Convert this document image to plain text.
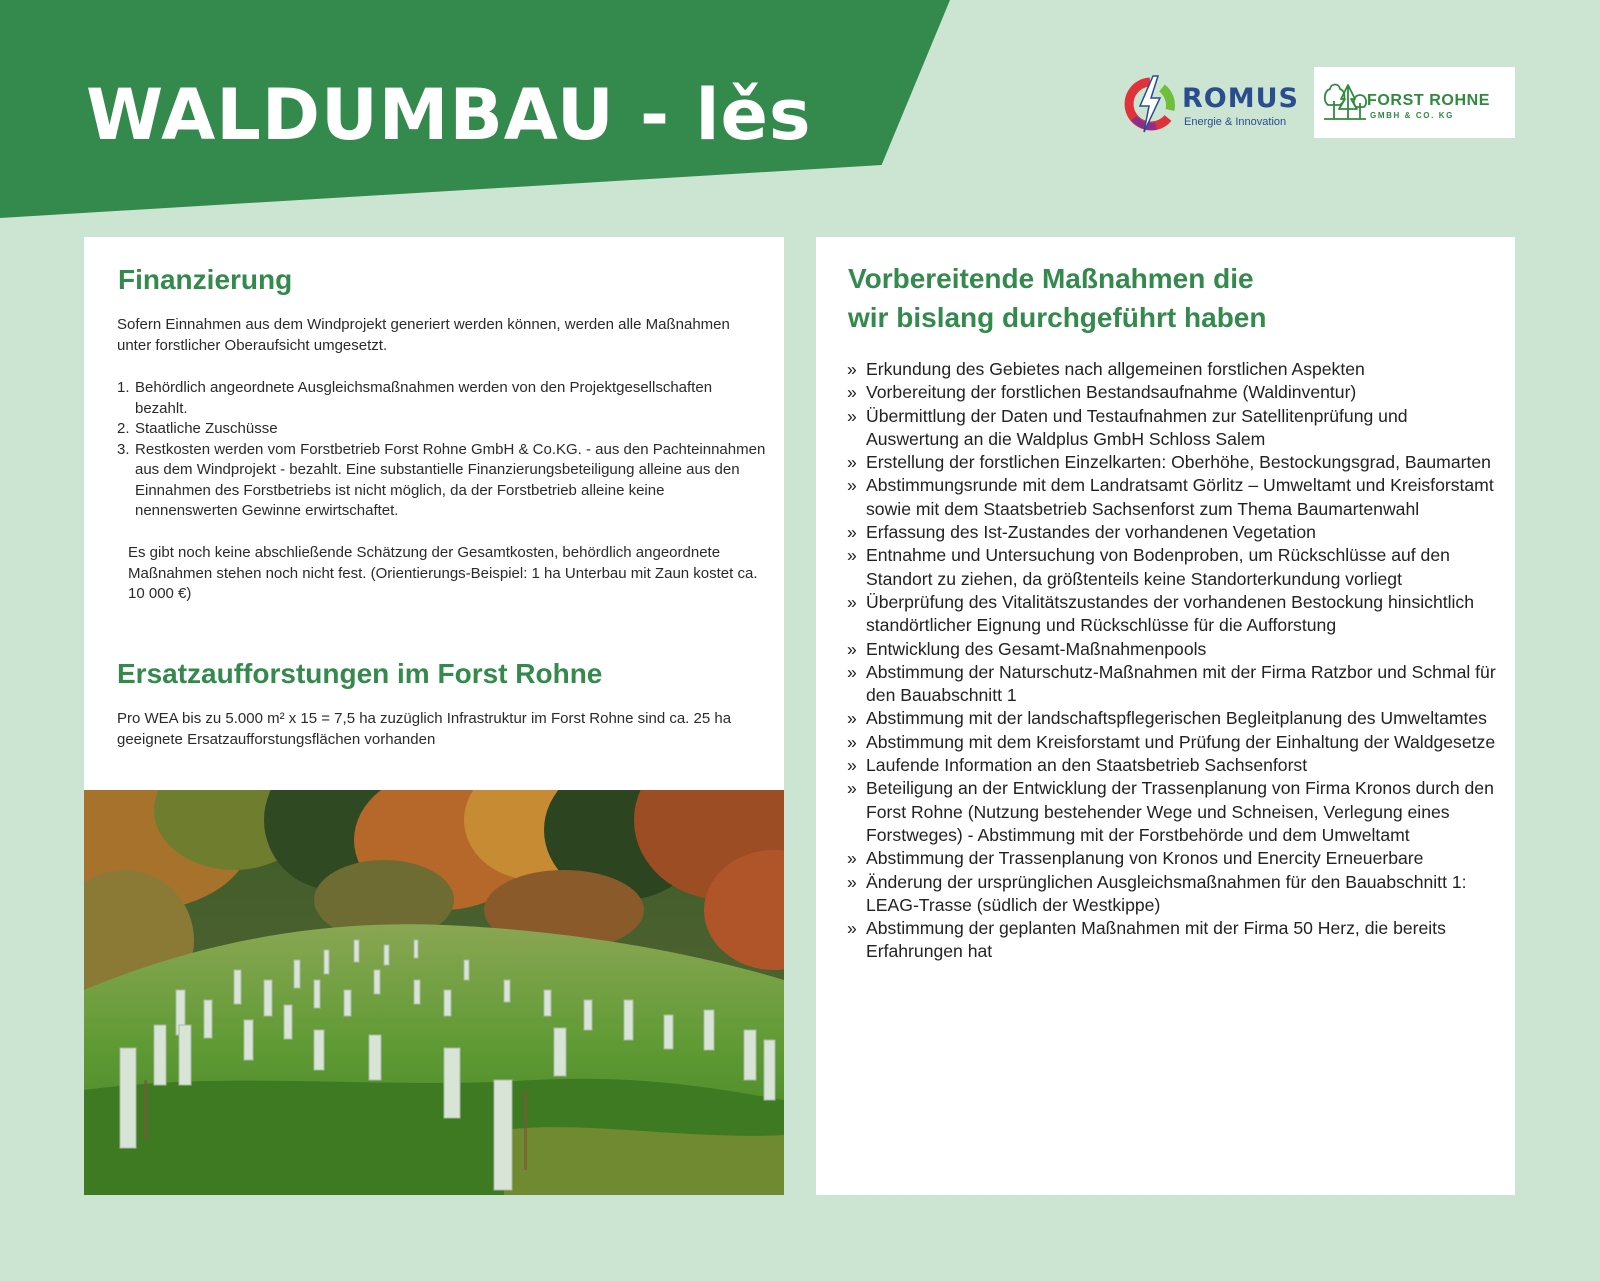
WALDUMBAU - lěs	ROMUS
Energie & Innovation
FORST ROHNE
GMBH & CO. KG
Finanzierung

Sofern Einnahmen aus dem Windprojekt generiert werden können, werden alle Maßnahmen unter forstlicher Oberaufsicht umgesetzt.

1. Behördlich angeordnete Ausgleichsmaßnahmen werden von den Projektgesellschaften bezahlt.
2. Staatliche Zuschüsse
3. Restkosten werden vom Forstbetrieb Forst Rohne GmbH & Co.KG. - aus den Pachteinnahmen aus dem Windprojekt - bezahlt. Eine substantielle Finanzierungsbeteiligung alleine aus den Einnahmen des Forstbetriebs ist nicht möglich, da der Forstbetrieb alleine keine nennenswerten Gewinne erwirtschaftet.

Es gibt noch keine abschließende Schätzung der Gesamtkosten, behördlich angeordnete Maßnahmen stehen noch nicht fest. (Orientierungs-Beispiel: 1 ha Unterbau mit Zaun kostet ca. 10 000 €)

Ersatzaufforstungen im Forst Rohne

Pro WEA bis zu 5.000 m² x 15 = 7,5 ha zuzüglich Infrastruktur im Forst Rohne sind ca. 25 ha geeignete Ersatzaufforstungsflächen vorhanden

Vorbereitende Maßnahmen die
wir bislang durchgeführt haben
» Erkundung des Gebietes nach allgemeinen forstlichen Aspekten
» Vorbereitung der forstlichen Bestandsaufnahme (Waldinventur)
» Übermittlung der Daten und Testaufnahmen zur Satellitenprüfung und Auswertung an die Waldplus GmbH Schloss Salem
» Erstellung der forstlichen Einzelkarten: Oberhöhe, Bestockungsgrad, Baumarten
» Abstimmungsrunde mit dem Landratsamt Görlitz – Umweltamt und Kreisforstamt sowie mit dem Staatsbetrieb Sachsenforst zum Thema Baumartenwahl
» Erfassung des Ist-Zustandes der vorhandenen Vegetation
» Entnahme und Untersuchung von Bodenproben, um Rückschlüsse auf den Standort zu ziehen, da größtenteils keine Standorterkundung vorliegt
» Überprüfung des Vitalitätszustandes der vorhandenen Bestockung hinsichtlich standörtlicher Eignung und Rückschlüsse für die Aufforstung
» Entwicklung des Gesamt-Maßnahmenpools
» Abstimmung der Naturschutz-Maßnahmen mit der Firma Ratzbor und Schmal für den Bauabschnitt 1
» Abstimmung mit der landschaftspflegerischen Begleitplanung des Umweltamtes
» Abstimmung mit dem Kreisforstamt und Prüfung der Einhaltung der Waldgesetze
» Laufende Information an den Staatsbetrieb Sachsenforst
» Beteiligung an der Entwicklung der Trassenplanung von Firma Kronos durch den Forst Rohne (Nutzung bestehender Wege und Schneisen, Verlegung eines Forstweges) - Abstimmung mit der Forstbehörde und dem Umweltamt
» Abstimmung der Trassenplanung von Kronos und Enercity Erneuerbare
» Änderung der ursprünglichen Ausgleichsmaßnahmen für den Bauabschnitt 1: LEAG-Trasse (südlich der Westkippe)
» Abstimmung der geplanten Maßnahmen mit der Firma 50 Herz, die bereits Erfahrungen hat
